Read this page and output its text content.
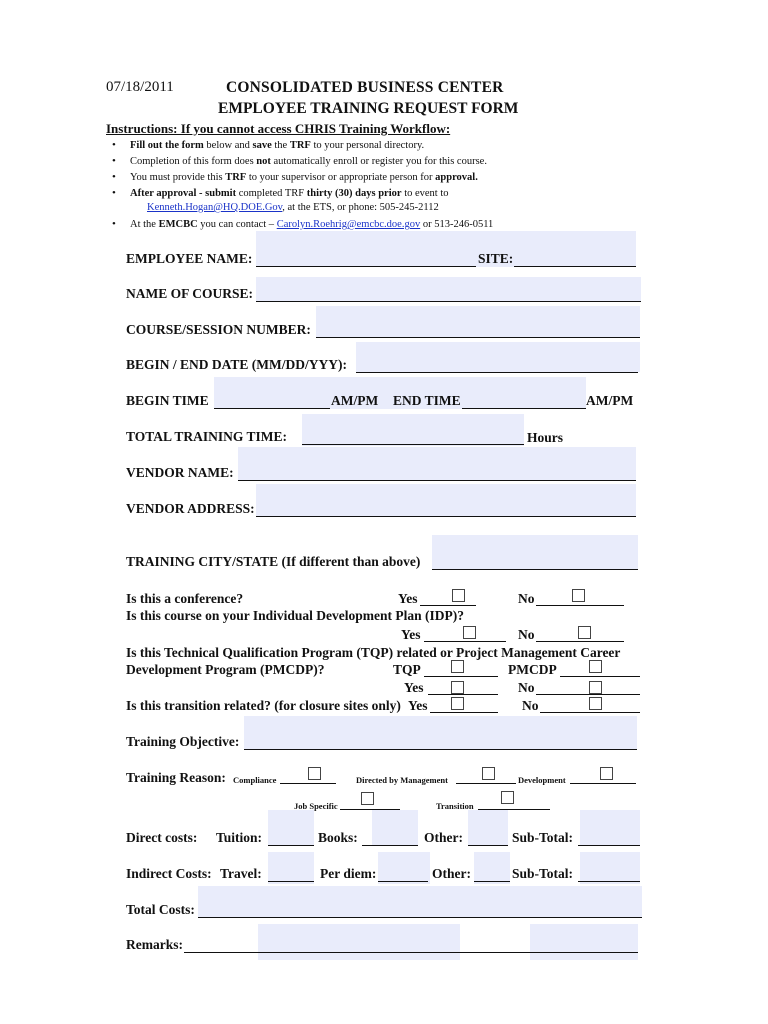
07/18/2011	CONSOLIDATED BUSINESS CENTER
EMPLOYEE TRAINING REQUEST FORM
Instructions: If you cannot access CHRIS Training Workflow:
• Fill out the form below and save the TRF to your personal directory.
• Completion of this form does not automatically enroll or register you for this course.
• You must provide this TRF to your supervisor or appropriate person for approval.
• After approval - submit completed TRF thirty (30) days prior to event to
Kenneth.Hogan@HQ.DOE.Gov, at the ETS, or phone: 505-245-2112
• At the EMCBC you can contact – Carolyn.Roehrig@emcbc.doe.gov or 513-246-0511
EMPLOYEE NAME:	SITE:
NAME OF COURSE:
COURSE/SESSION NUMBER:
BEGIN / END DATE (MM/DD/YYY):
BEGIN TIME	AM/PM END TIME	AM/PM
TOTAL TRAINING TIME:	Hours
VENDOR NAME:
VENDOR ADDRESS:
TRAINING CITY/STATE (If different than above)
Is this a conference?	Yes	No
Is this course on your Individual Development Plan (IDP)?
Yes	No
Is this Technical Qualification Program (TQP) related or Project Management Career
Development Program (PMCDP)?	TQP	PMCDP
Yes	No
Is this transition related? (for closure sites only) Yes	No
Training Objective:
Training Reason: Compliance	Directed by Management	Development
Job Specific	Transition
Direct costs: Tuition:	Books:	Other:	Sub-Total:
Indirect Costs: Travel:	Per diem:	Other:	Sub-Total:
Total Costs:
Remarks:
